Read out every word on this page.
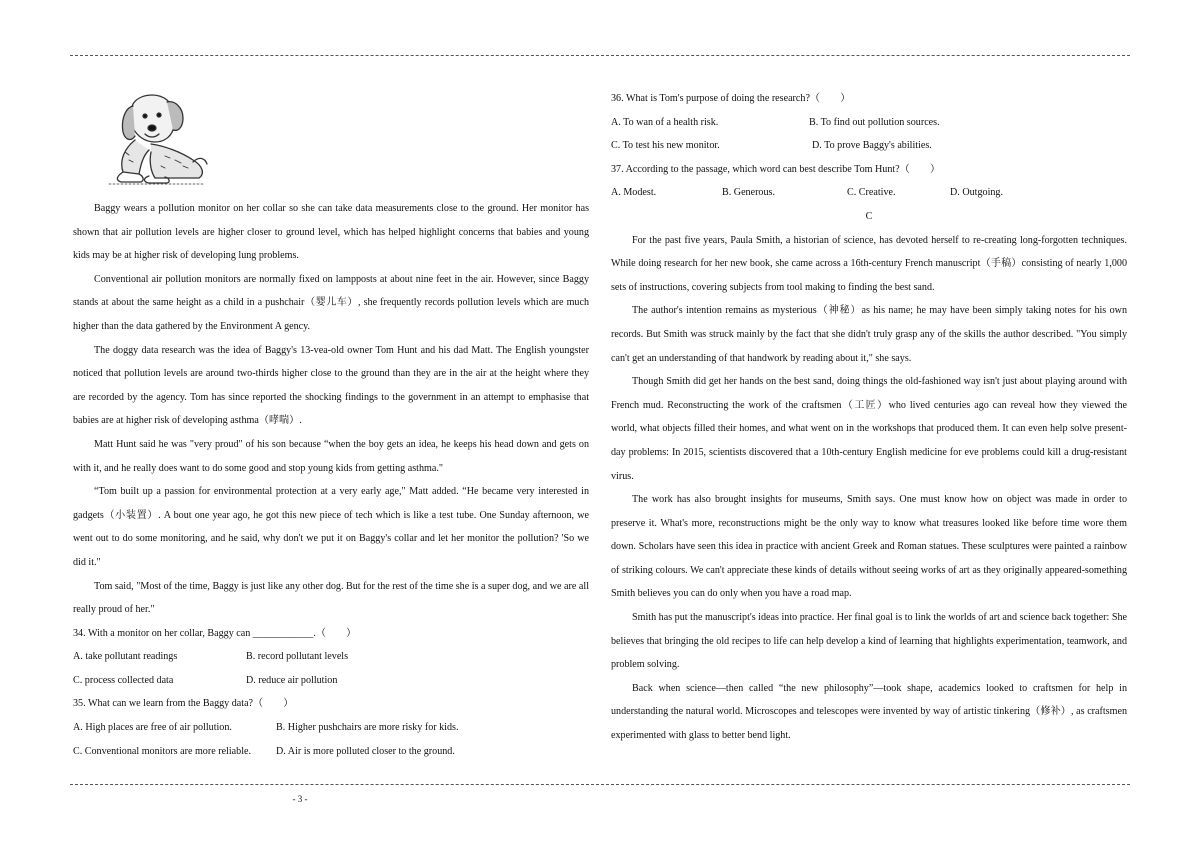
Baggy wears a pollution monitor on her collar so she can take data measurements close to the ground. Her monitor has shown that air pollution levels are higher closer to ground level, which has helped highlight concerns that babies and young kids may be at higher risk of developing lung problems.

Conventional air pollution monitors are normally fixed on lampposts at about nine feet in the air. However, since Baggy stands at about the same height as a child in a pushchair（婴儿车）, she frequently records pollution levels which are much higher than the data gathered by the Environment A gency.

The doggy data research was the idea of Baggy's 13-vea-old owner Tom Hunt and his dad Matt. The English youngster noticed that pollution levels are around two-thirds higher close to the ground than they are in the air at the height where they are recorded by the agency. Tom has since reported the shocking findings to the government in an attempt to emphasise that babies are at higher risk of developing asthma（哮喘）.

Matt Hunt said he was "very proud" of his son because “when the boy gets an idea, he keeps his head down and gets on with it, and he really does want to do some good and stop young kids from getting asthma."

“Tom built up a passion for environmental protection at a very early age," Matt added. “He became very interested in gadgets（小装置）. A bout one year ago, he got this new piece of tech which is like a test tube. One Sunday afternoon, we went out to do some monitoring, and he said, why don't we put it on Baggy's collar and let her monitor the pollution? 'So we did it."

Tom said, "Most of the time, Baggy is just like any other dog. But for the rest of the time she is a super dog, and we are all really proud of her."

34. With a monitor on her collar, Baggy can ____________.（　　）

A. take pollutant readings	B. record pollutant levels
C. process collected data	D. reduce air pollution

35. What can we learn from the Baggy data?（　　）

A. High places are free of air pollution.	B. Higher pushchairs are more risky for kids.
C. Conventional monitors are more reliable.	D. Air is more polluted closer to the ground.

36. What is Tom's purpose of doing the research?（　　）

A. To wan of a health risk.	B. To find out pollution sources.
C. To test his new monitor.	D. To prove Baggy's abilities.

37. According to the passage, which word can best describe Tom Hunt?（　　）

A. Modest.	B. Generous.	C. Creative.	D. Outgoing.

C

For the past five years, Paula Smith, a historian of science, has devoted herself to re-creating long-forgotten techniques. While doing research for her new book, she came across a 16th-century French manuscript（手稿）consisting of nearly 1,000 sets of instructions, covering subjects from tool making to finding the best sand.

The author's intention remains as mysterious（神秘）as his name; he may have been simply taking notes for his own records. But Smith was struck mainly by the fact that she didn't truly grasp any of the skills the author described. "You simply can't get an understanding of that handwork by reading about it," she says.

Though Smith did get her hands on the best sand, doing things the old-fashioned way isn't just about playing around with French mud. Reconstructing the work of the craftsmen（工匠）who lived centuries ago can reveal how they viewed the world, what objects filled their homes, and what went on in the workshops that produced them. It can even help solve present-day problems: In 2015, scientists discovered that a 10th-century English medicine for eve problems could kill a drug-resistant virus.

The work has also brought insights for museums, Smith says. One must know how on object was made in order to preserve it. What's more, reconstructions might be the only way to know what treasures looked like before time wore them down. Scholars have seen this idea in practice with ancient Greek and Roman statues. These sculptures were painted a rainbow of striking colours. We can't appreciate these kinds of details without seeing works of art as they originally appeared-something Smith believes you can do only when you have a road map.

Smith has put the manuscript's ideas into practice. Her final goal is to link the worlds of art and science back together: She believes that bringing the old recipes to life can help develop a kind of learning that highlights experimentation, teamwork, and problem solving.

Back when science—then called “the new philosophy”—took shape, academics looked to craftsmen for help in understanding the natural world. Microscopes and telescopes were invented by way of artistic tinkering（修补）, as craftsmen experimented with glass to better bend light.

- 3 -
